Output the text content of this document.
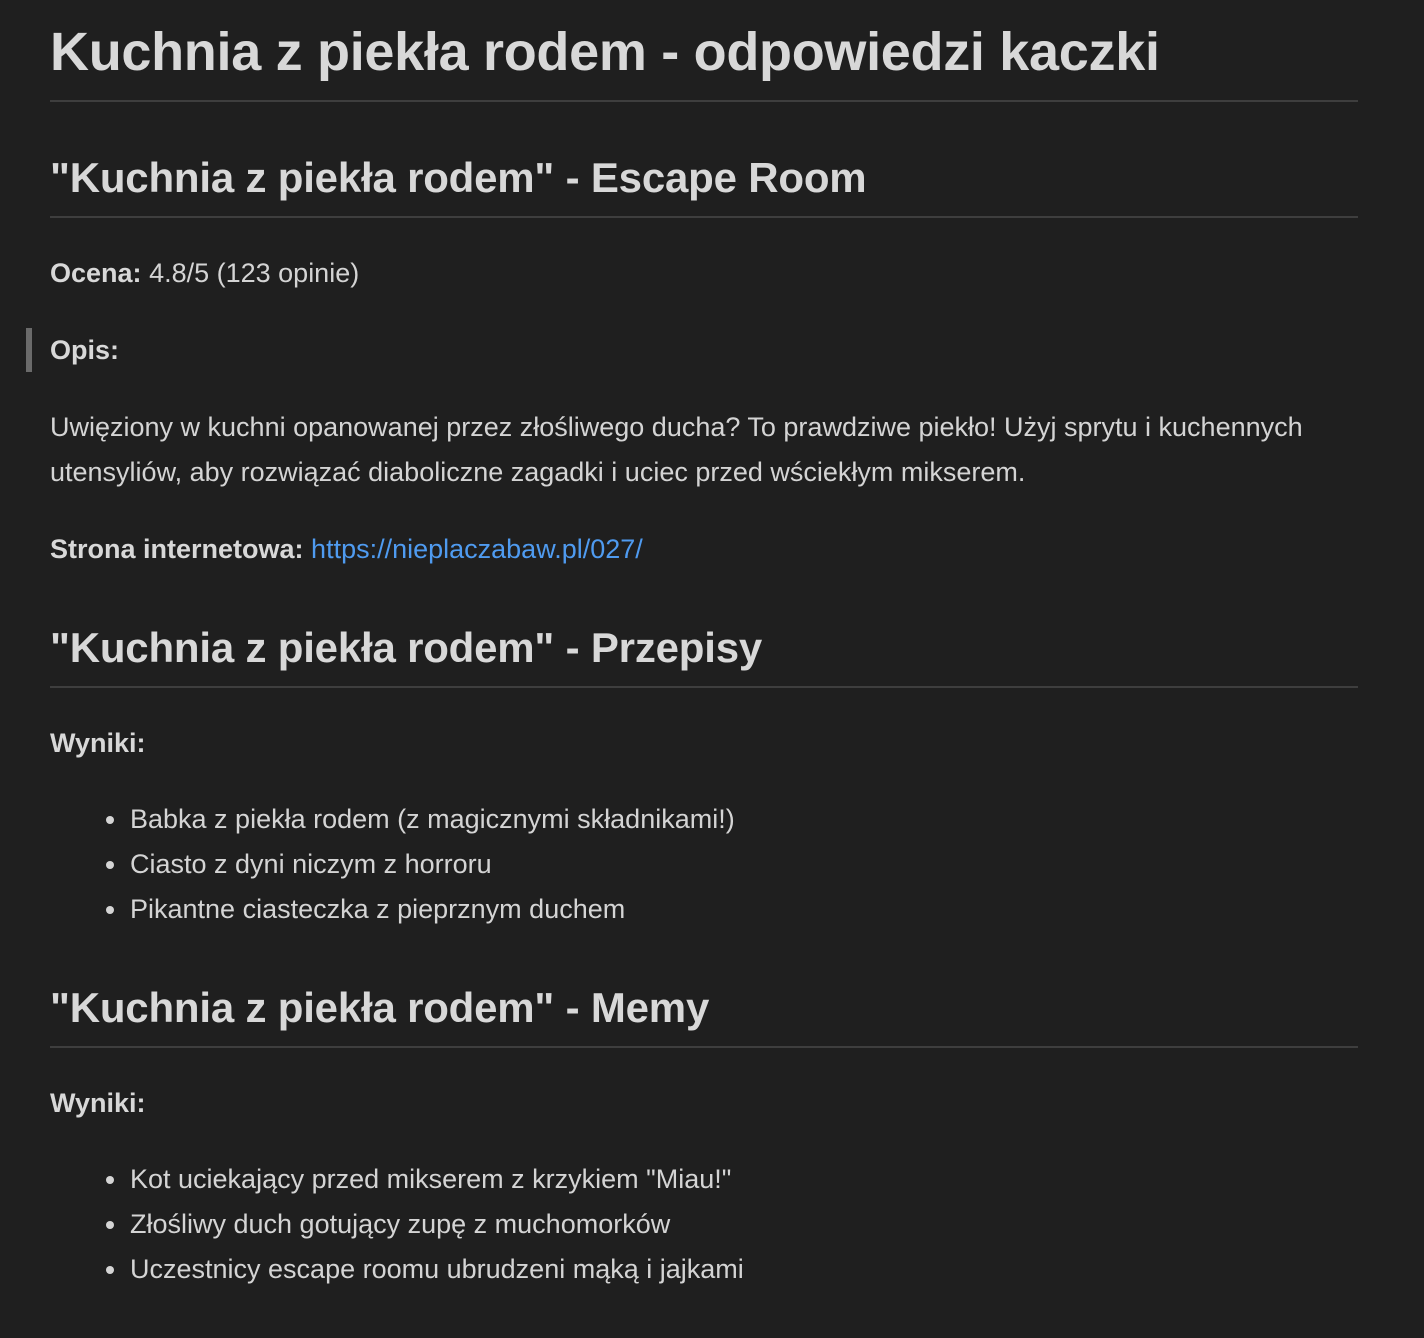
Kuchnia z piekła rodem - odpowiedzi kaczki
"Kuchnia z piekła rodem" - Escape Room

Ocena: 4.8/5 (123 opinie)

Opis:

Uwięziony w kuchni opanowanej przez złośliwego ducha? To prawdziwe piekło! Użyj sprytu i kuchennych utensyliów, aby rozwiązać diaboliczne zagadki i uciec przed wściekłym mikserem.

Strona internetowa: https://nieplaczabaw.pl/027/

"Kuchnia z piekła rodem" - Przepisy

Wyniki:

Babka z piekła rodem (z magicznymi składnikami!)
Ciasto z dyni niczym z horroru
Pikantne ciasteczka z pieprznym duchem
"Kuchnia z piekła rodem" - Memy

Wyniki:

Kot uciekający przed mikserem z krzykiem "Miau!"
Złośliwy duch gotujący zupę z muchomorków
Uczestnicy escape roomu ubrudzeni mąką i jajkami
